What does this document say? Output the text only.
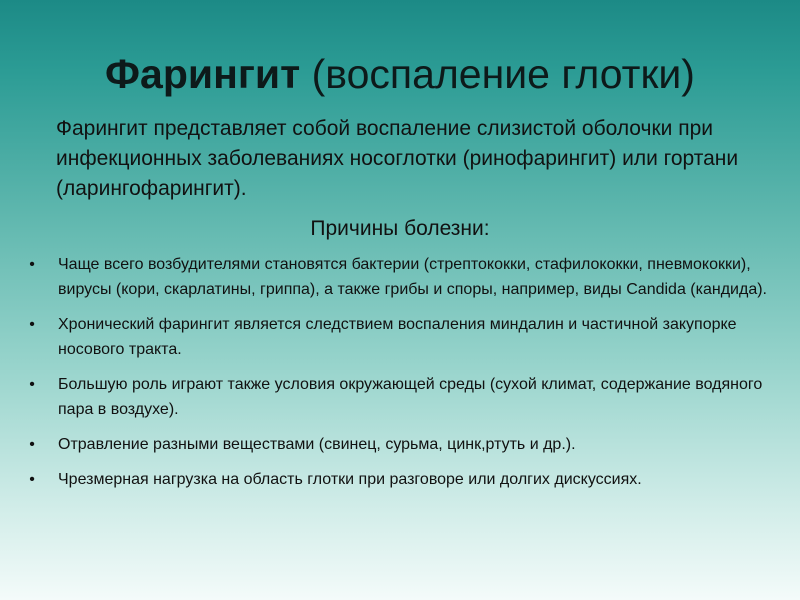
Фарингит (воспаление глотки)
Фарингит представляет собой воспаление слизистой оболочки при инфекционных заболеваниях носоглотки (ринофарингит) или гортани (ларингофарингит).
Причины болезни:
•	Чаще всего возбудителями становятся бактерии (стрептококки, стафилококки, пневмококки), вирусы (кори, скарлатины, гриппа), а также грибы и споры, например, виды Candida (кандида).
•	Хронический фарингит является следствием воспаления миндалин и частичной закупорке носового тракта.
•	Большую роль играют также условия окружающей среды (сухой климат, содержание водяного пара в воздухе).
•	Отравление разными веществами (свинец, сурьма, цинк,ртуть и др.).
•	Чрезмерная нагрузка на область глотки при разговоре или долгих дискуссиях.
